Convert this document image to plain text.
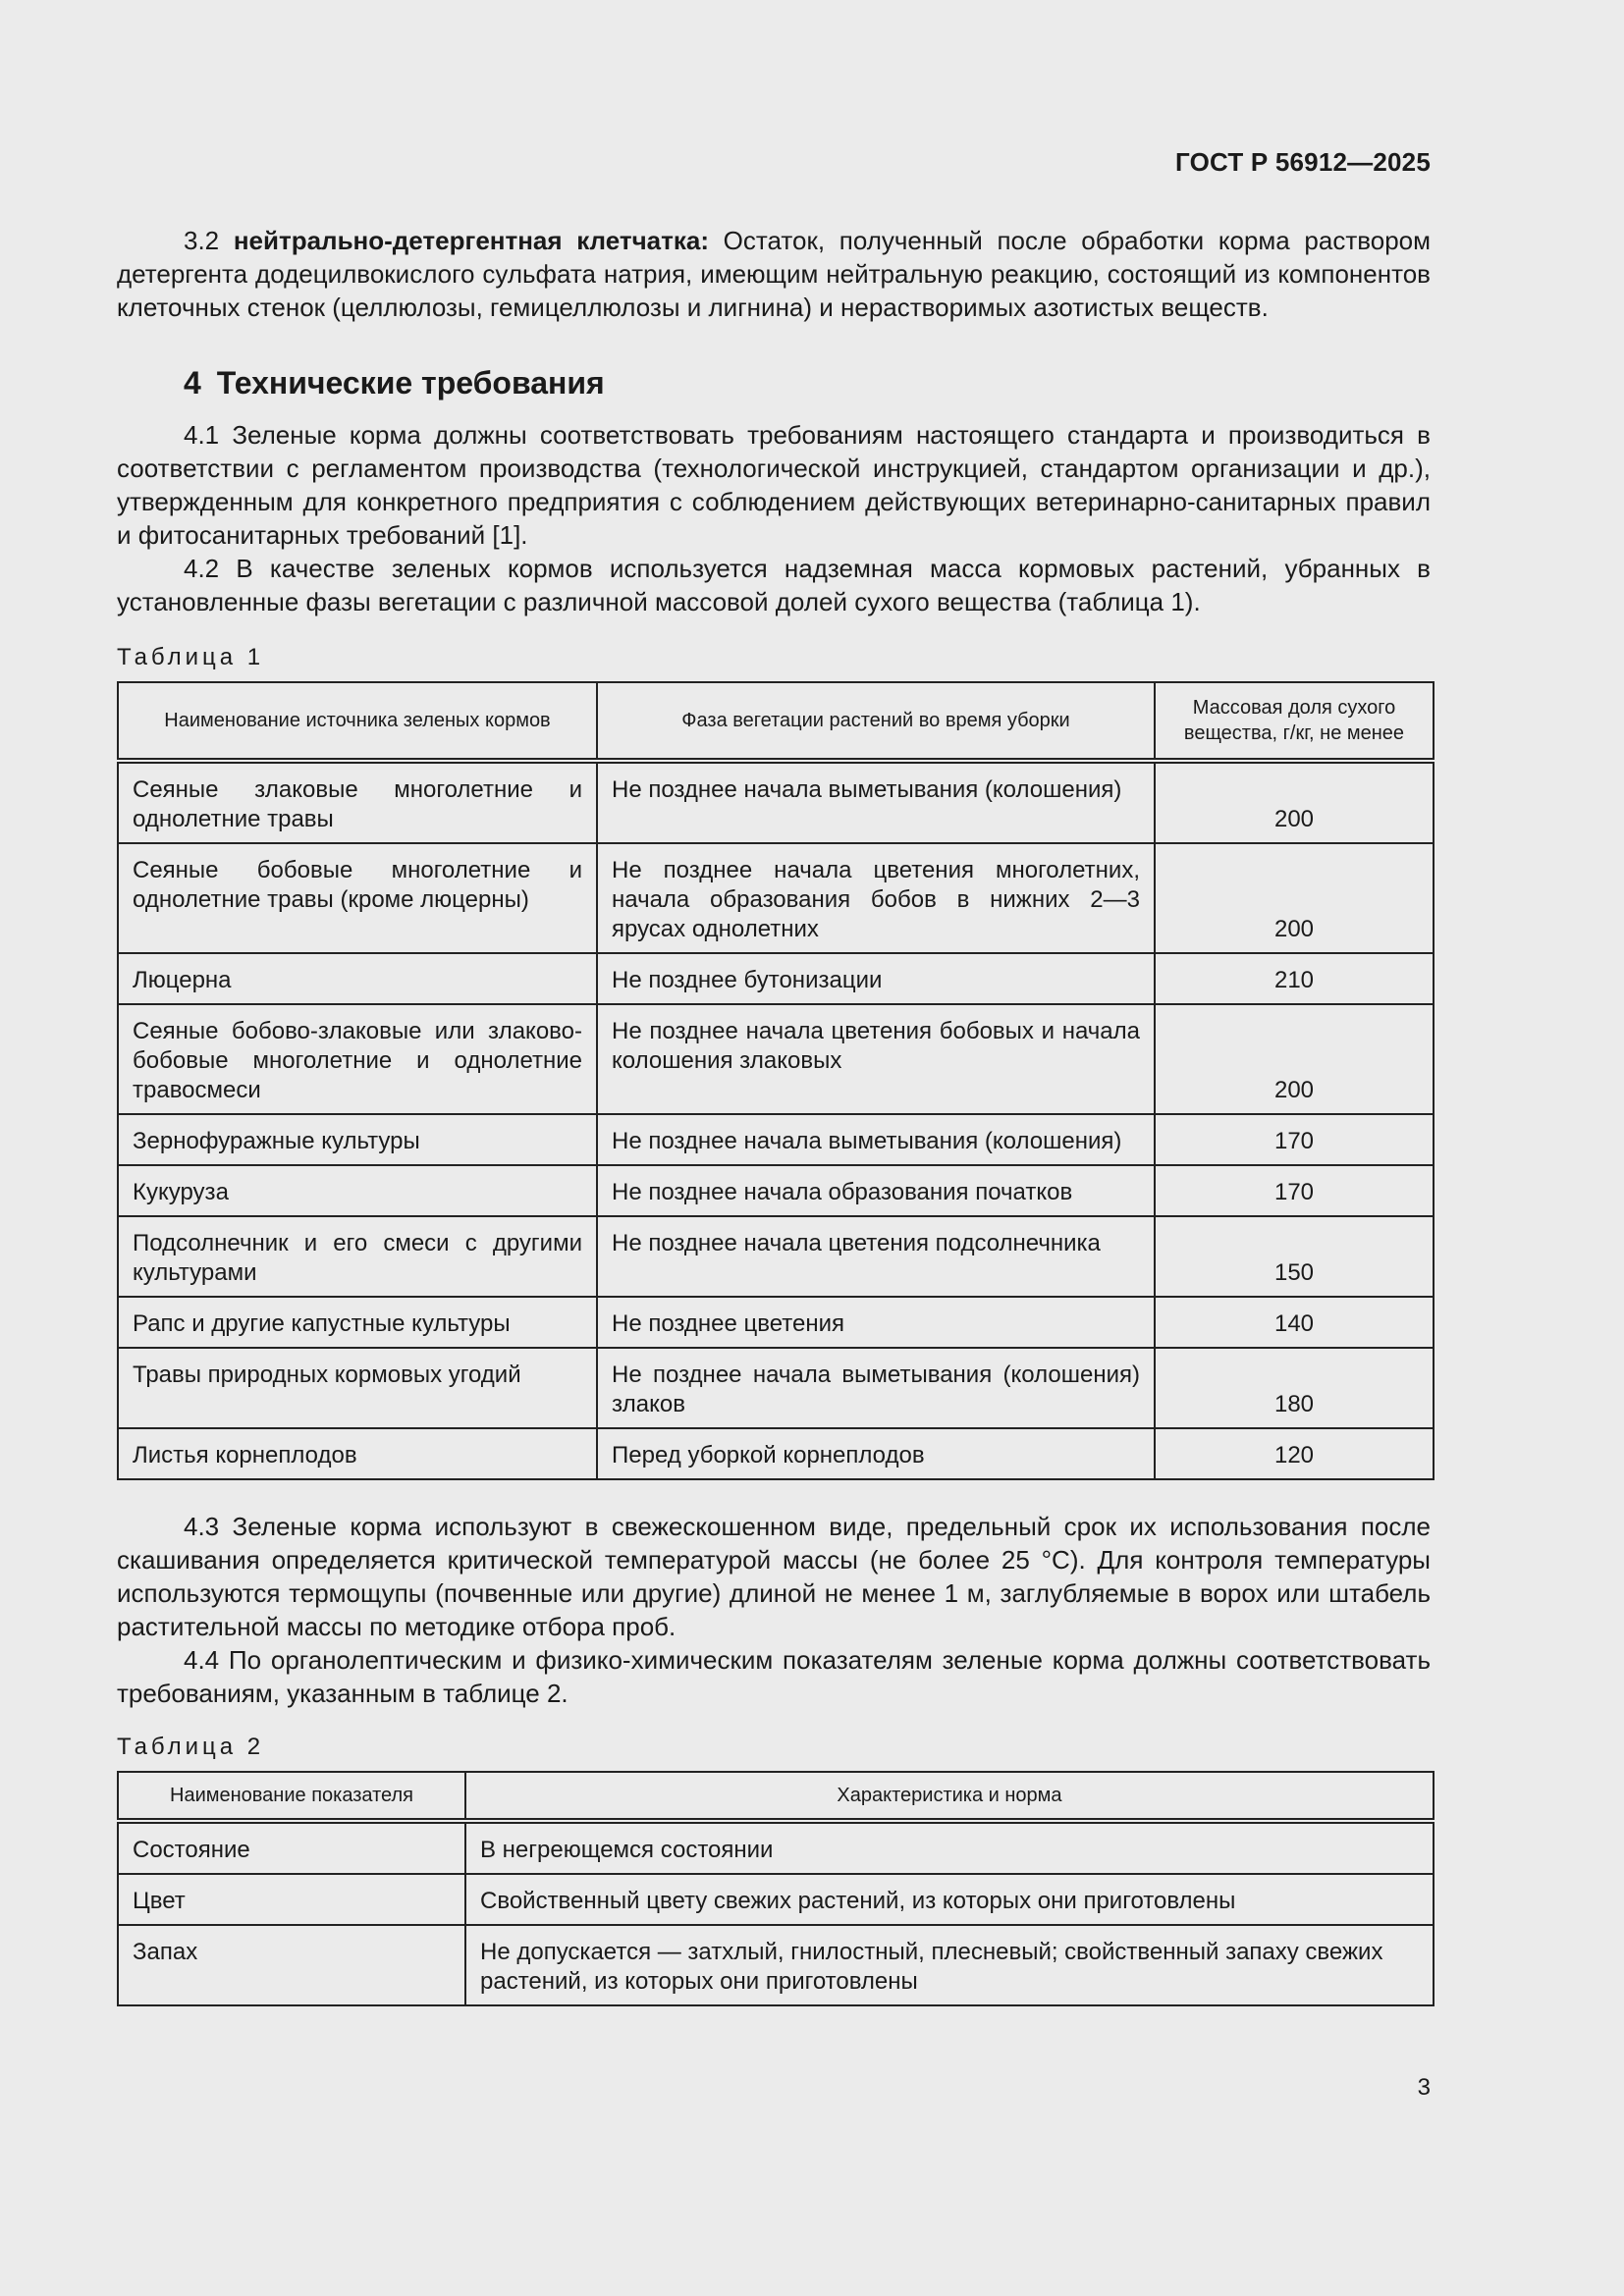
ГОСТ Р 56912—2025

3.2 нейтрально-детергентная клетчатка: Остаток, полученный после обработки корма раствором детергента додецилвокислого сульфата натрия, имеющим нейтральную реакцию, состоящий из компонентов клеточных стенок (целлюлозы, гемицеллюлозы и лигнина) и нерастворимых азотистых веществ.

4 Технические требования

4.1 Зеленые корма должны соответствовать требованиям настоящего стандарта и производиться в соответствии с регламентом производства (технологической инструкцией, стандартом организации и др.), утвержденным для конкретного предприятия с соблюдением действующих ветеринарно-санитарных правил и фитосанитарных требований [1].

4.2 В качестве зеленых кормов используется надземная масса кормовых растений, убранных в установленные фазы вегетации с различной массовой долей сухого вещества (таблица 1).

Таблица 1
Наименование источника зеленых кормов	Фаза вегетации растений во время уборки	Массовая доля сухого вещества, г/кг, не менее
Сеяные злаковые многолетние и однолетние травы	Не позднее начала выметывания (колошения)	200
Сеяные бобовые многолетние и однолетние травы (кроме люцерны)	Не позднее начала цветения многолетних, начала образования бобов в нижних 2—3 ярусах однолетних	200
Люцерна	Не позднее бутонизации	210
Сеяные бобово-злаковые или злаково-бобовые многолетние и однолетние травосмеси	Не позднее начала цветения бобовых и начала колошения злаковых	200
Зернофуражные культуры	Не позднее начала выметывания (колошения)	170
Кукуруза	Не позднее начала образования початков	170
Подсолнечник и его смеси с другими культурами	Не позднее начала цветения подсолнечника	150
Рапс и другие капустные культуры	Не позднее цветения	140
Травы природных кормовых угодий	Не позднее начала выметывания (колошения) злаков	180
Листья корнеплодов	Перед уборкой корнеплодов	120

4.3 Зеленые корма используют в свежескошенном виде, предельный срок их использования после скашивания определяется критической температурой массы (не более 25 °С). Для контроля температуры используются термощупы (почвенные или другие) длиной не менее 1 м, заглубляемые в ворох или штабель растительной массы по методике отбора проб.

4.4 По органолептическим и физико-химическим показателям зеленые корма должны соответствовать требованиям, указанным в таблице 2.

Таблица 2
Наименование показателя	Характеристика и норма
Состояние	В негреющемся состоянии
Цвет	Свойственный цвету свежих растений, из которых они приготовлены
Запах	Не допускается — затхлый, гнилостный, плесневый; свойственный запаху свежих растений, из которых они приготовлены
3
